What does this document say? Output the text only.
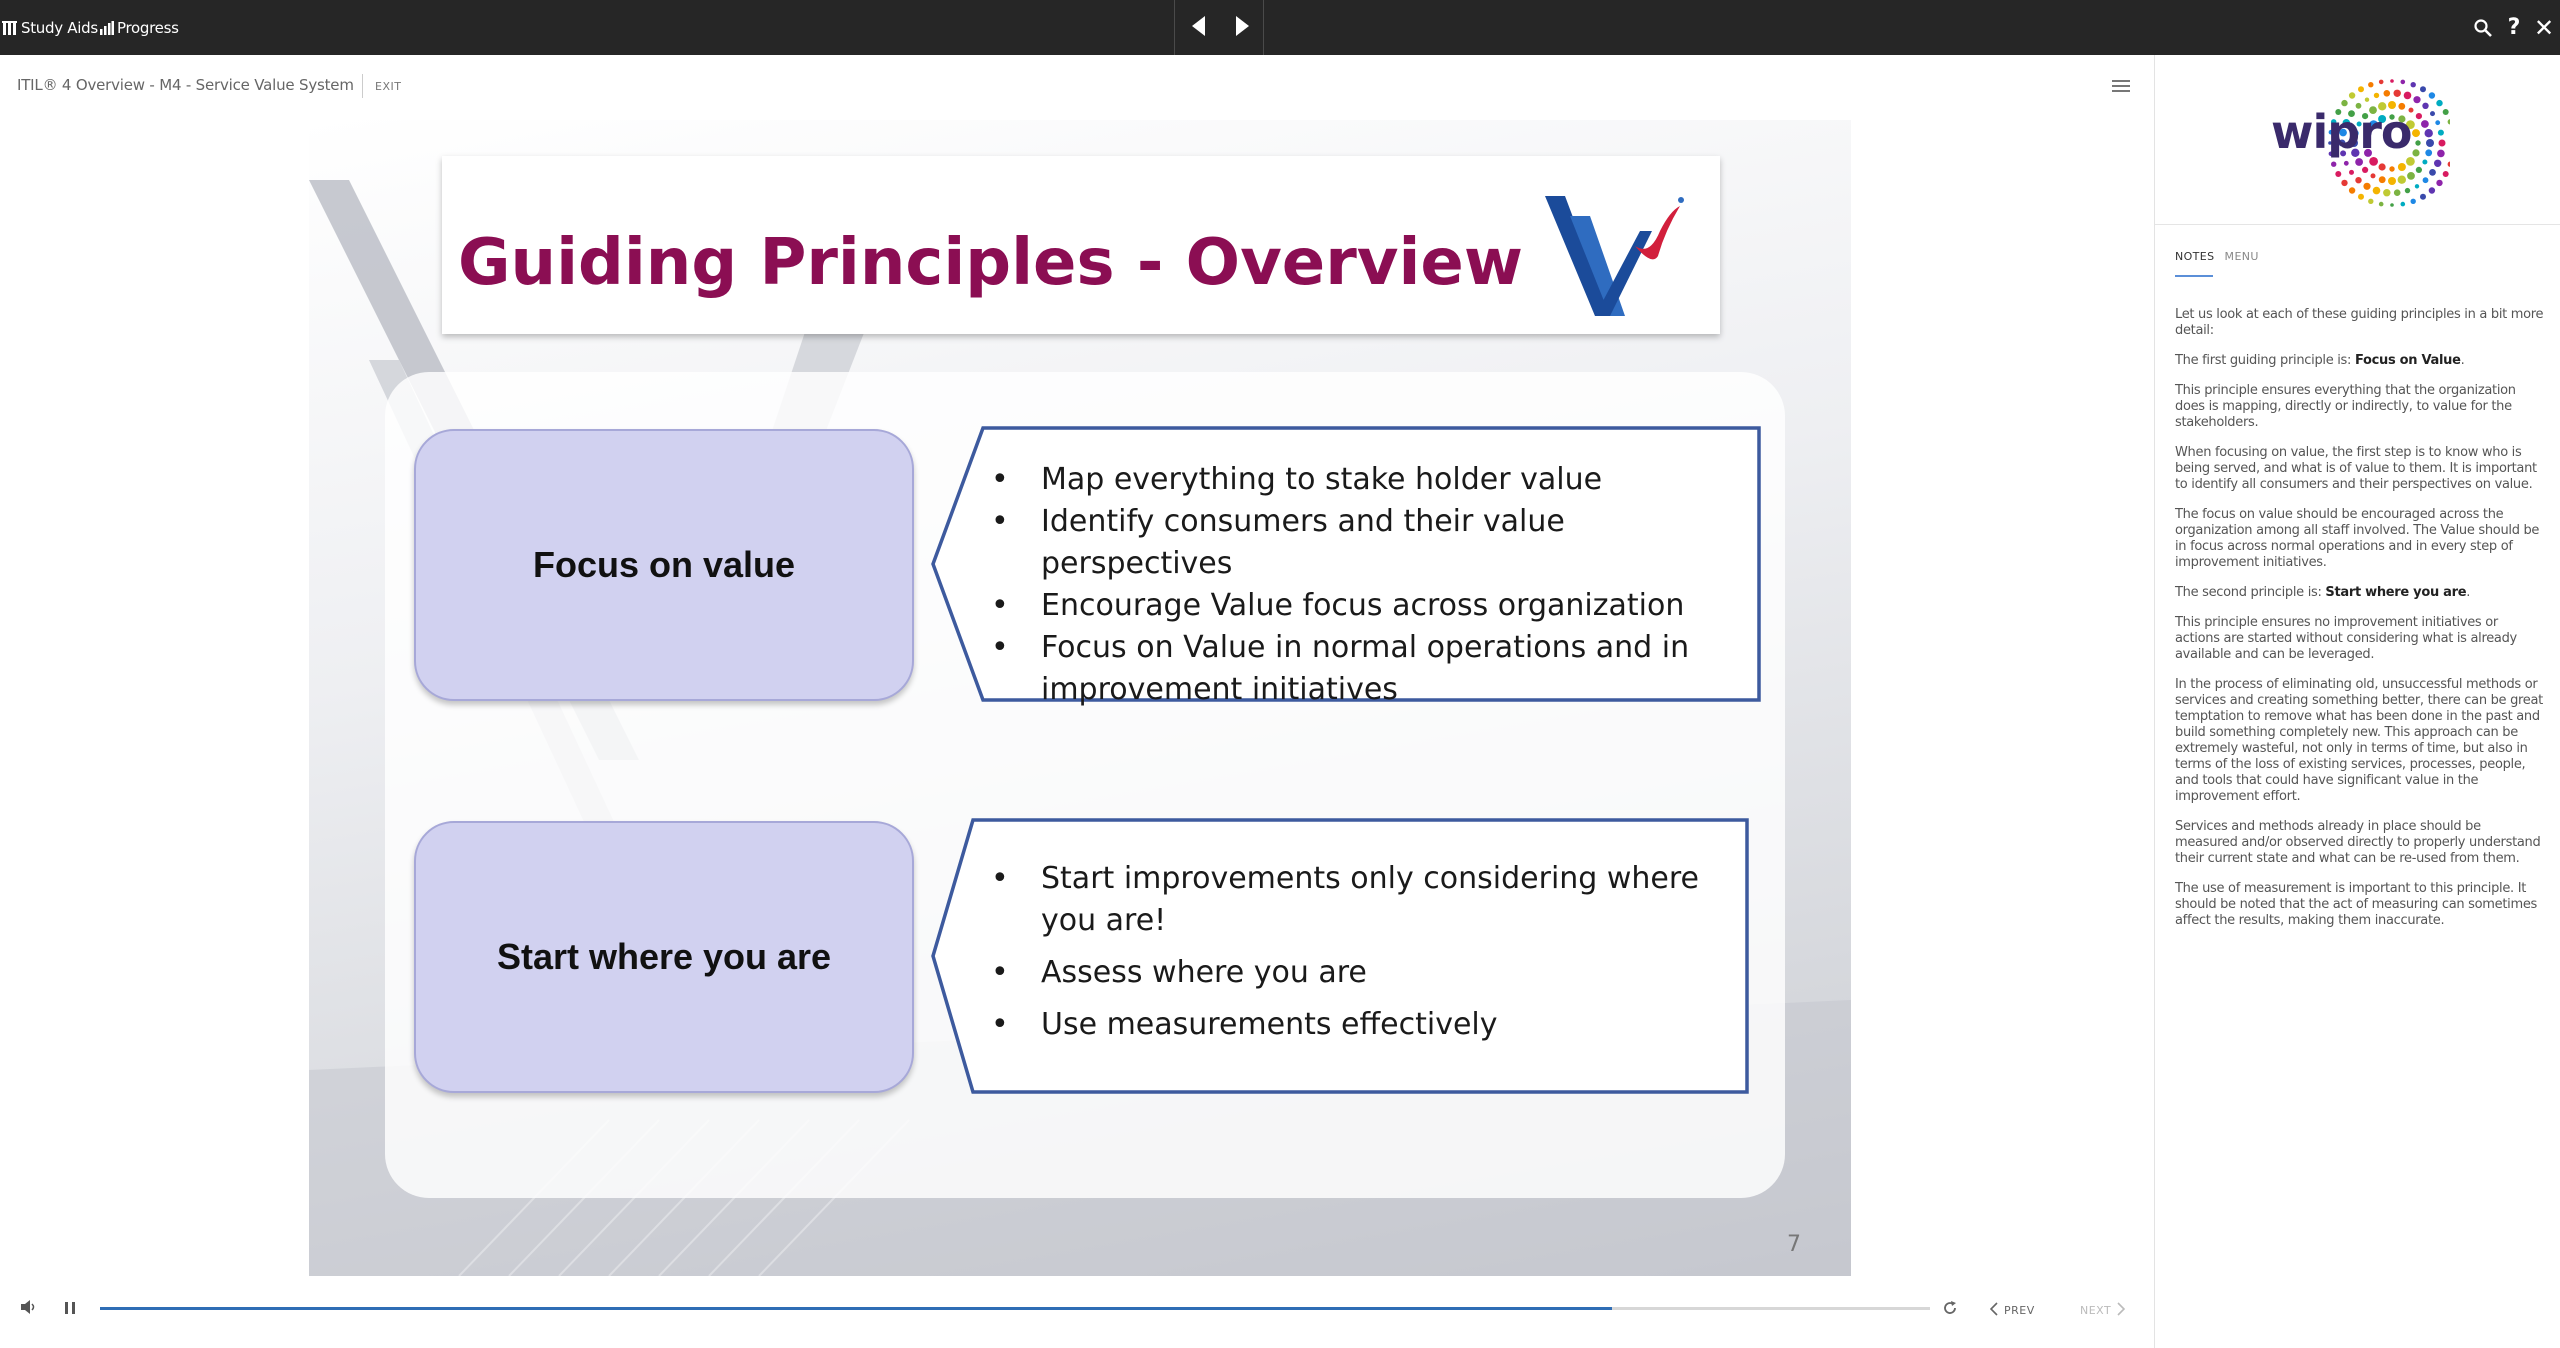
Study Aids Progress	? ✕
ITIL® 4 Overview - M4 - Service Value System EXIT
Guiding Principles - Overview
Focus on value
• Map everything to stake holder value
• Identify consumers and their value perspectives
• Encourage Value focus across organization
• Focus on Value in normal operations and in improvement initiatives
Start where you are
• Start improvements only considering where you are!
• Assess where you are
• Use measurements effectively
7
PREV	NEXT
wipro
NOTES MENU

Let us look at each of these guiding principles in a bit more detail:

The first guiding principle is: Focus on Value.

This principle ensures everything that the organization does is mapping, directly or indirectly, to value for the stakeholders.

When focusing on value, the first step is to know who is being served, and what is of value to them. It is important to identify all consumers and their perspectives on value.

The focus on value should be encouraged across the organization among all staff involved. The Value should be in focus across normal operations and in every step of improvement initiatives.

The second principle is: Start where you are.

This principle ensures no improvement initiatives or actions are started without considering what is already available and can be leveraged.

In the process of eliminating old, unsuccessful methods or services and creating something better, there can be great temptation to remove what has been done in the past and build something completely new. This approach can be extremely wasteful, not only in terms of time, but also in terms of the loss of existing services, processes, people, and tools that could have significant value in the improvement effort.

Services and methods already in place should be measured and/or observed directly to properly understand their current state and what can be re-used from them.

The use of measurement is important to this principle. It should be noted that the act of measuring can sometimes affect the results, making them inaccurate.
